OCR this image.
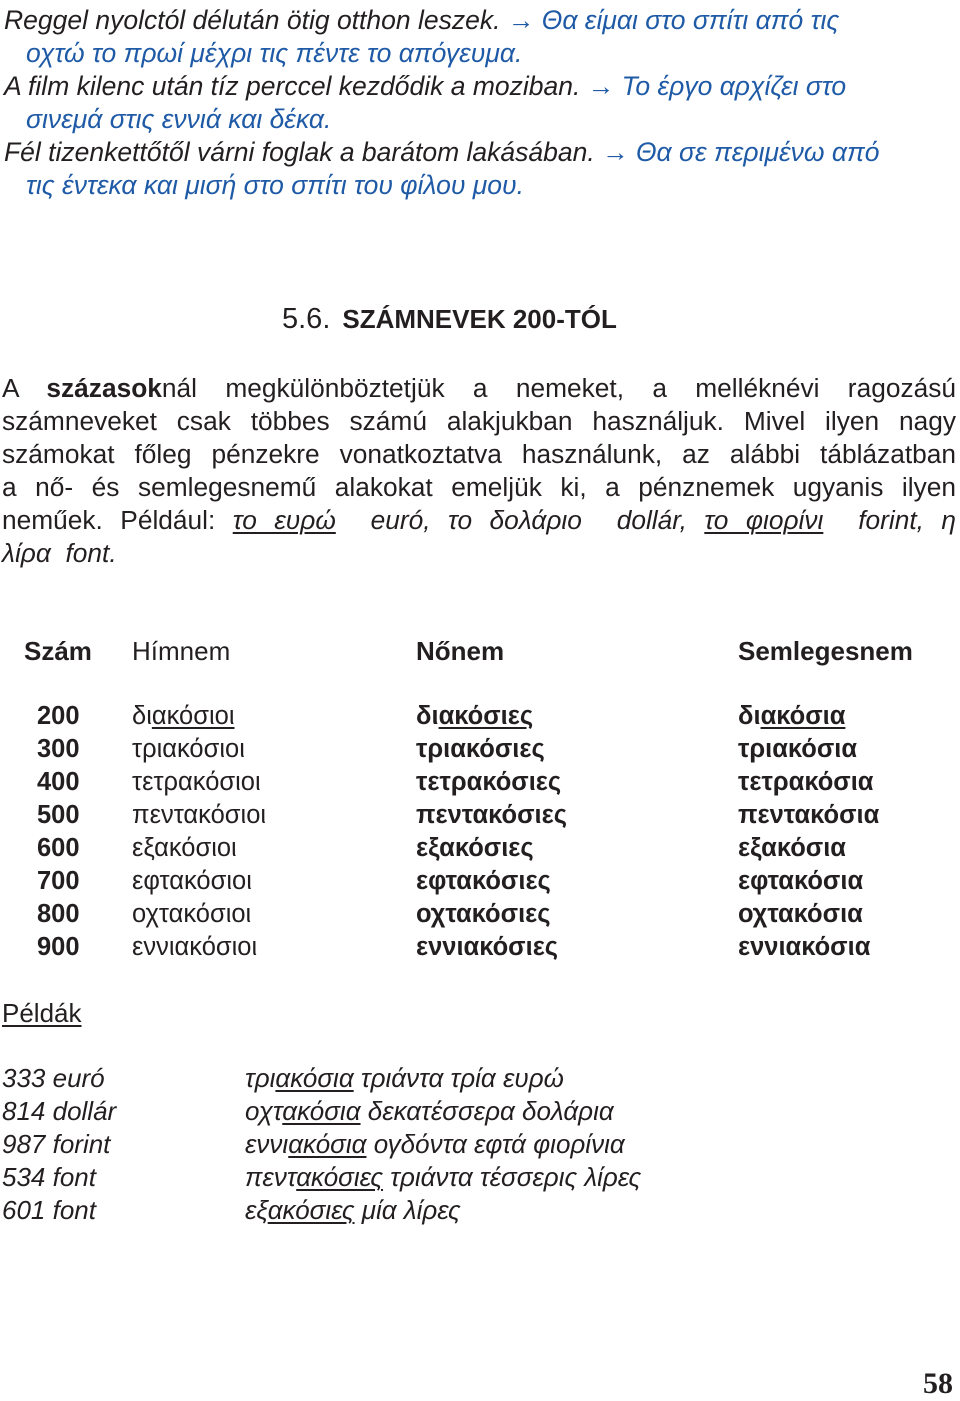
Reggel nyolctól délután ötig otthon leszek. → Θα είμαι στο σπίτι από τις
οχτώ το πρωί μέχρι τις πέντε το απόγευμα.
A film kilenc után tíz perccel kezdődik a moziban. → Το έργο αρχίζει στο
σινεμά στις εννιά και δέκα.
Fél tizenkettőtől várni foglak a barátom lakásában. → Θα σε περιμένω από
τις έντεκα και μισή στο σπίτι του φίλου μου.
5.6. SZÁMNEVEK 200-TÓL
A százasoknál megkülönböztetjük a nemeket, a melléknévi ragozású
számneveket csak többes számú alakjukban használjuk. Mivel ilyen nagy
számokat főleg pénzekre vonatkoztatva használunk, az alábbi táblázatban
a nő- és semlegesnemű alakokat emeljük ki, a pénznemek ugyanis ilyen
neműek. Például: το ευρώ euró, το δολάριο dollár, το φιορίνι forint, η
λίρα font.
Szám Hímnem	Nőnem	Semlegesnem
200 διακόσιοι	διακόσιες	διακόσια
300 τριακόσιοι	τριακόσιες	τριακόσια
400 τετρακόσιοι	τετρακόσιες	τετρακόσια
500 πεντακόσιοι	πεντακόσιες	πεντακόσια
600 εξακόσιοι	εξακόσιες	εξακόσια
700 εφτακόσιοι	εφτακόσιες	εφτακόσια
800 οχτακόσιοι	οχτακόσιες	οχτακόσια
900 εννιακόσιοι	εννιακόσιες	εννιακόσια
Példák
333 euró	τριακόσια τριάντα τρία ευρώ
814 dollár	οχτακόσια δεκατέσσερα δολάρια
987 forint	εννιακόσια ογδόντα εφτά φιορίνια
534 font	πεντακόσιες τριάντα τέσσερις λίρες
601 font	εξακόσιες μία λίρες
58
